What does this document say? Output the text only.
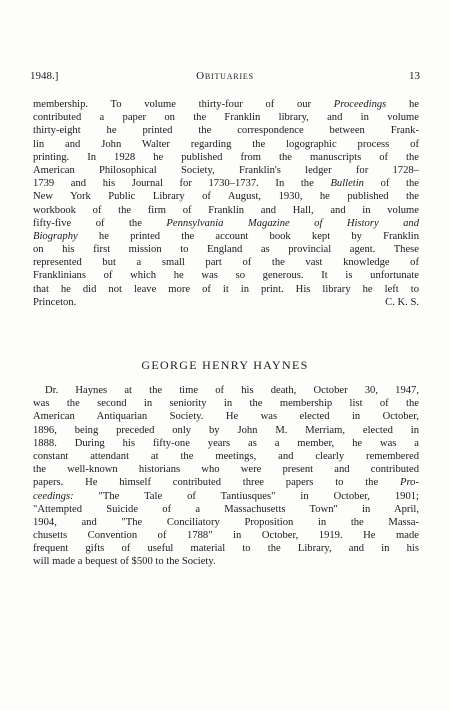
1948.]	Obituaries	13
membership. To volume thirty-four of our Proceedings he
contributed a paper on the Franklin library, and in volume
thirty-eight he printed the correspondence between Frank-
lin and John Walter regarding the logographic process of
printing. In 1928 he published from the manuscripts of the
American Philosophical Society, Franklin's ledger for 1728–
1739 and his Journal for 1730–1737. In the Bulletin of the
New York Public Library of August, 1930, he published the
workbook of the firm of Franklin and Hall, and in volume
fifty-five of the Pennsylvania Magazine of History and
Biography he printed the account book kept by Franklin
on his first mission to England as provincial agent. These
represented but a small part of the vast knowledge of
Franklinians of which he was so generous. It is unfortunate
that he did not leave more of it in print. His library he left to
Princeton.	C. K. S.
GEORGE HENRY HAYNES
Dr. Haynes at the time of his death, October 30, 1947,
was the second in seniority in the membership list of the
American Antiquarian Society. He was elected in October,
1896, being preceded only by John M. Merriam, elected in
1888. During his fifty-one years as a member, he was a
constant attendant at the meetings, and clearly remembered
the well-known historians who were present and contributed
papers. He himself contributed three papers to the Pro-
ceedings: "The Tale of Tantiusques" in October, 1901;
"Attempted Suicide of a Massachusetts Town" in April,
1904, and "The Conciliatory Proposition in the Massa-
chusetts Convention of 1788" in October, 1919. He made
frequent gifts of useful material to the Library, and in his
will made a bequest of $500 to the Society.
